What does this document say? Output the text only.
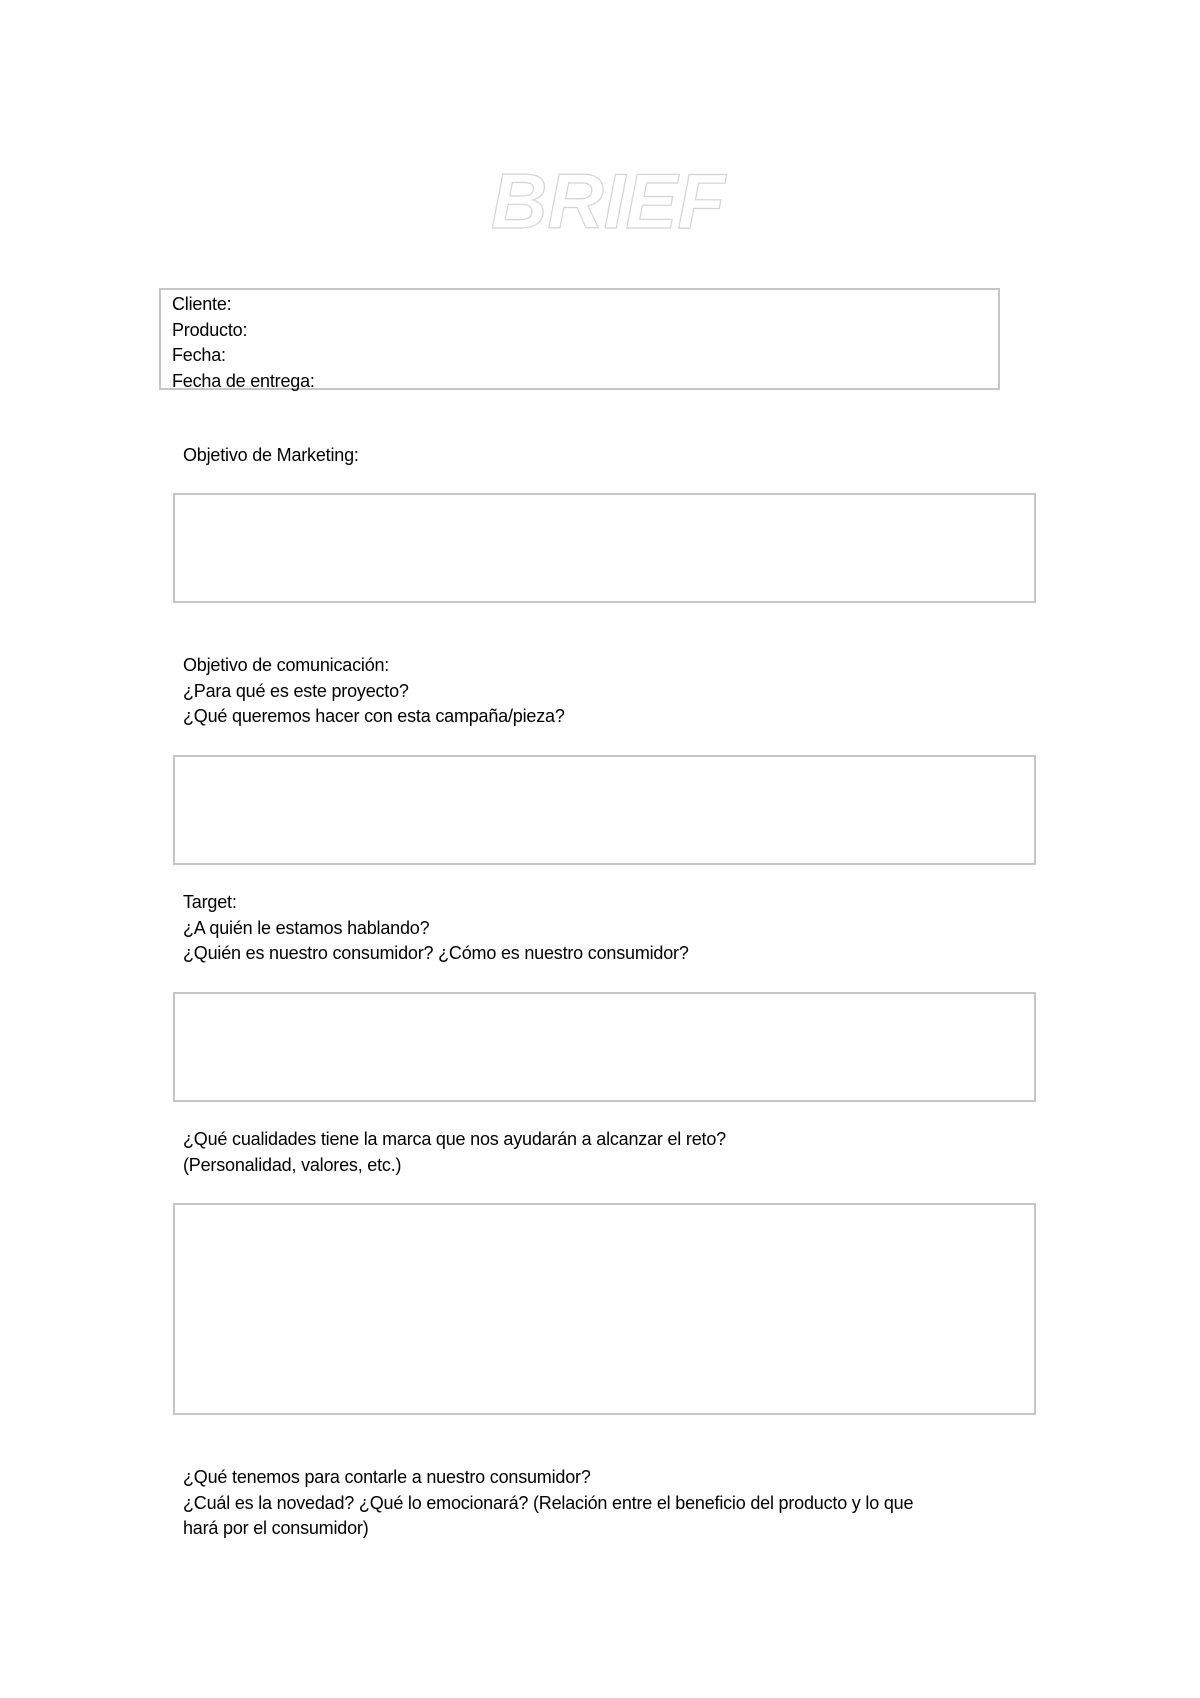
BRIEF
Cliente:
Producto:
Fecha:
Fecha de entrega:
Objetivo de Marketing:
Objetivo de comunicación:
¿Para qué es este proyecto?
¿Qué queremos hacer con esta campaña/pieza?
Target:
¿A quién le estamos hablando?
¿Quién es nuestro consumidor? ¿Cómo es nuestro consumidor?
¿Qué cualidades tiene la marca que nos ayudarán a alcanzar el reto?
(Personalidad, valores, etc.)
¿Qué tenemos para contarle a nuestro consumidor?
¿Cuál es la novedad? ¿Qué lo emocionará? (Relación entre el beneficio del producto y lo que
hará por el consumidor)
